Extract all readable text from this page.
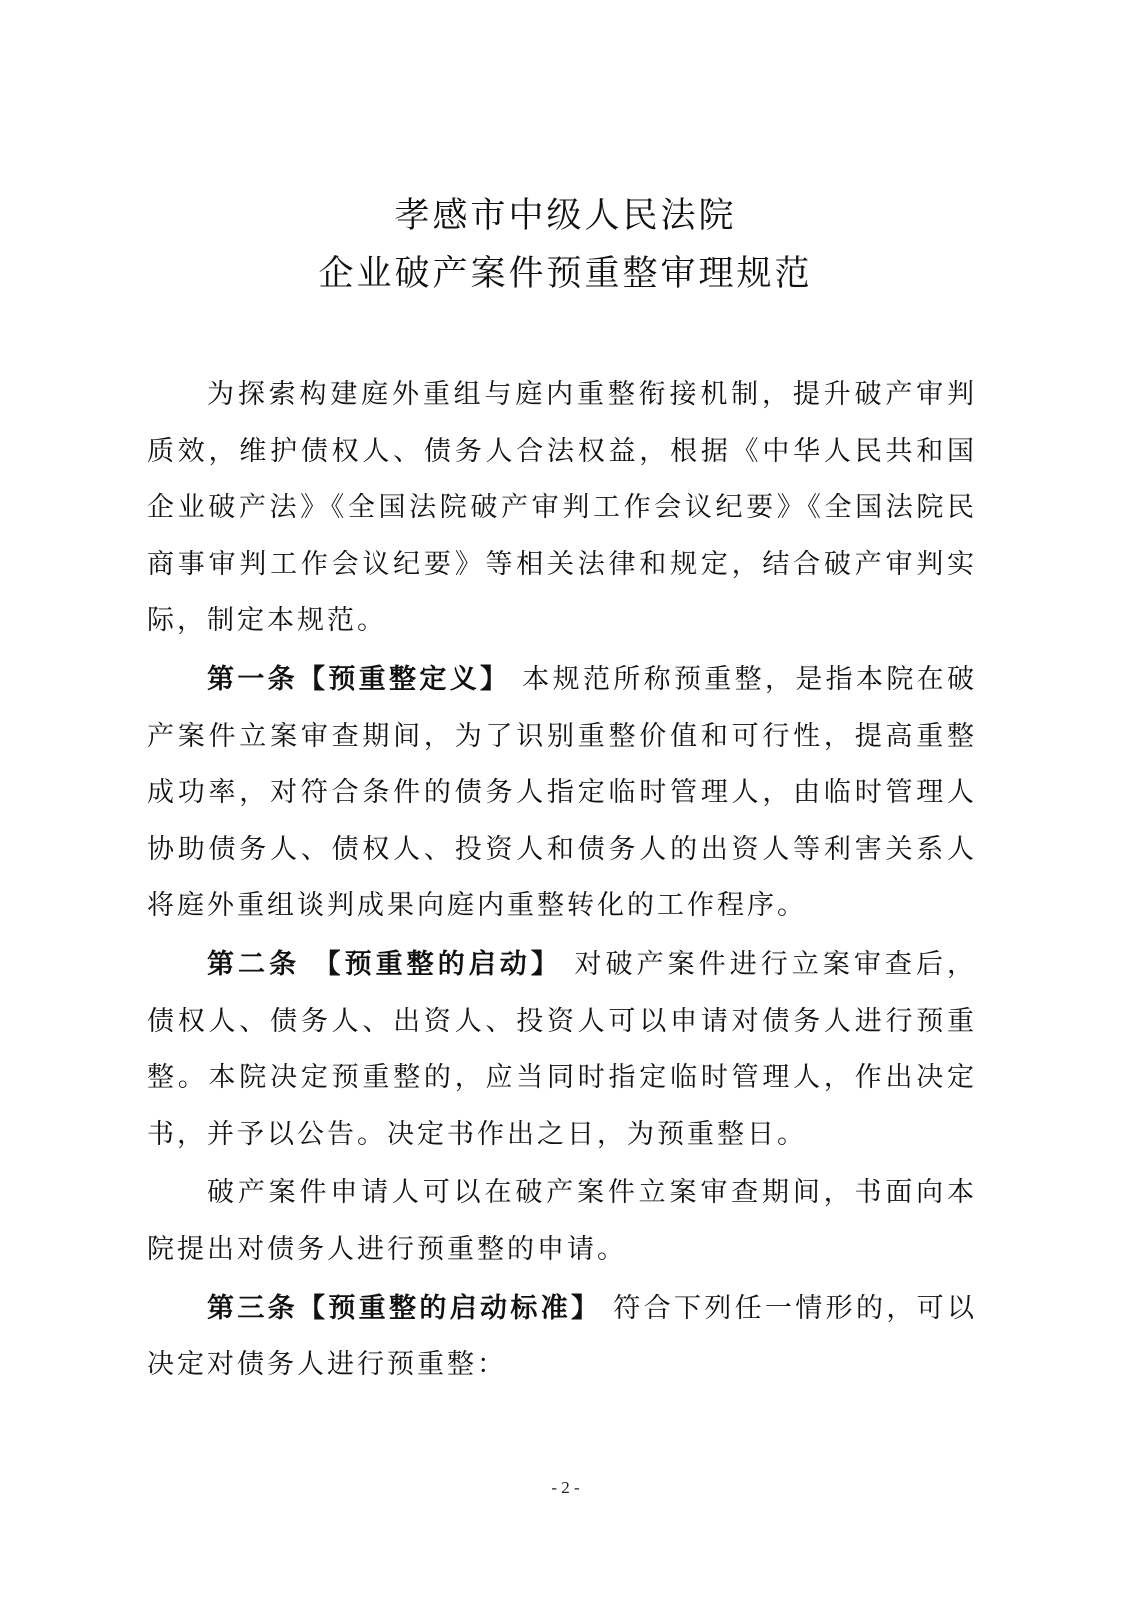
孝感市中级人民法院
企业破产案件预重整审理规范

为探索构建庭外重组与庭内重整衔接机制，提升破产审判质效，维护债权人、债务人合法权益，根据《中华人民共和国企业破产法》《全国法院破产审判工作会议纪要》《全国法院民商事审判工作会议纪要》等相关法律和规定，结合破产审判实际，制定本规范。

第一条【预重整定义】 本规范所称预重整，是指本院在破产案件立案审查期间，为了识别重整价值和可行性，提高重整成功率，对符合条件的债务人指定临时管理人，由临时管理人协助债务人、债权人、投资人和债务人的出资人等利害关系人将庭外重组谈判成果向庭内重整转化的工作程序。

第二条 【预重整的启动】 对破产案件进行立案审查后，债权人、债务人、出资人、投资人可以申请对债务人进行预重整。本院决定预重整的，应当同时指定临时管理人，作出决定书，并予以公告。决定书作出之日，为预重整日。

破产案件申请人可以在破产案件立案审查期间，书面向本院提出对债务人进行预重整的申请。

第三条【预重整的启动标准】 符合下列任一情形的，可以决定对债务人进行预重整：

- 2 -
